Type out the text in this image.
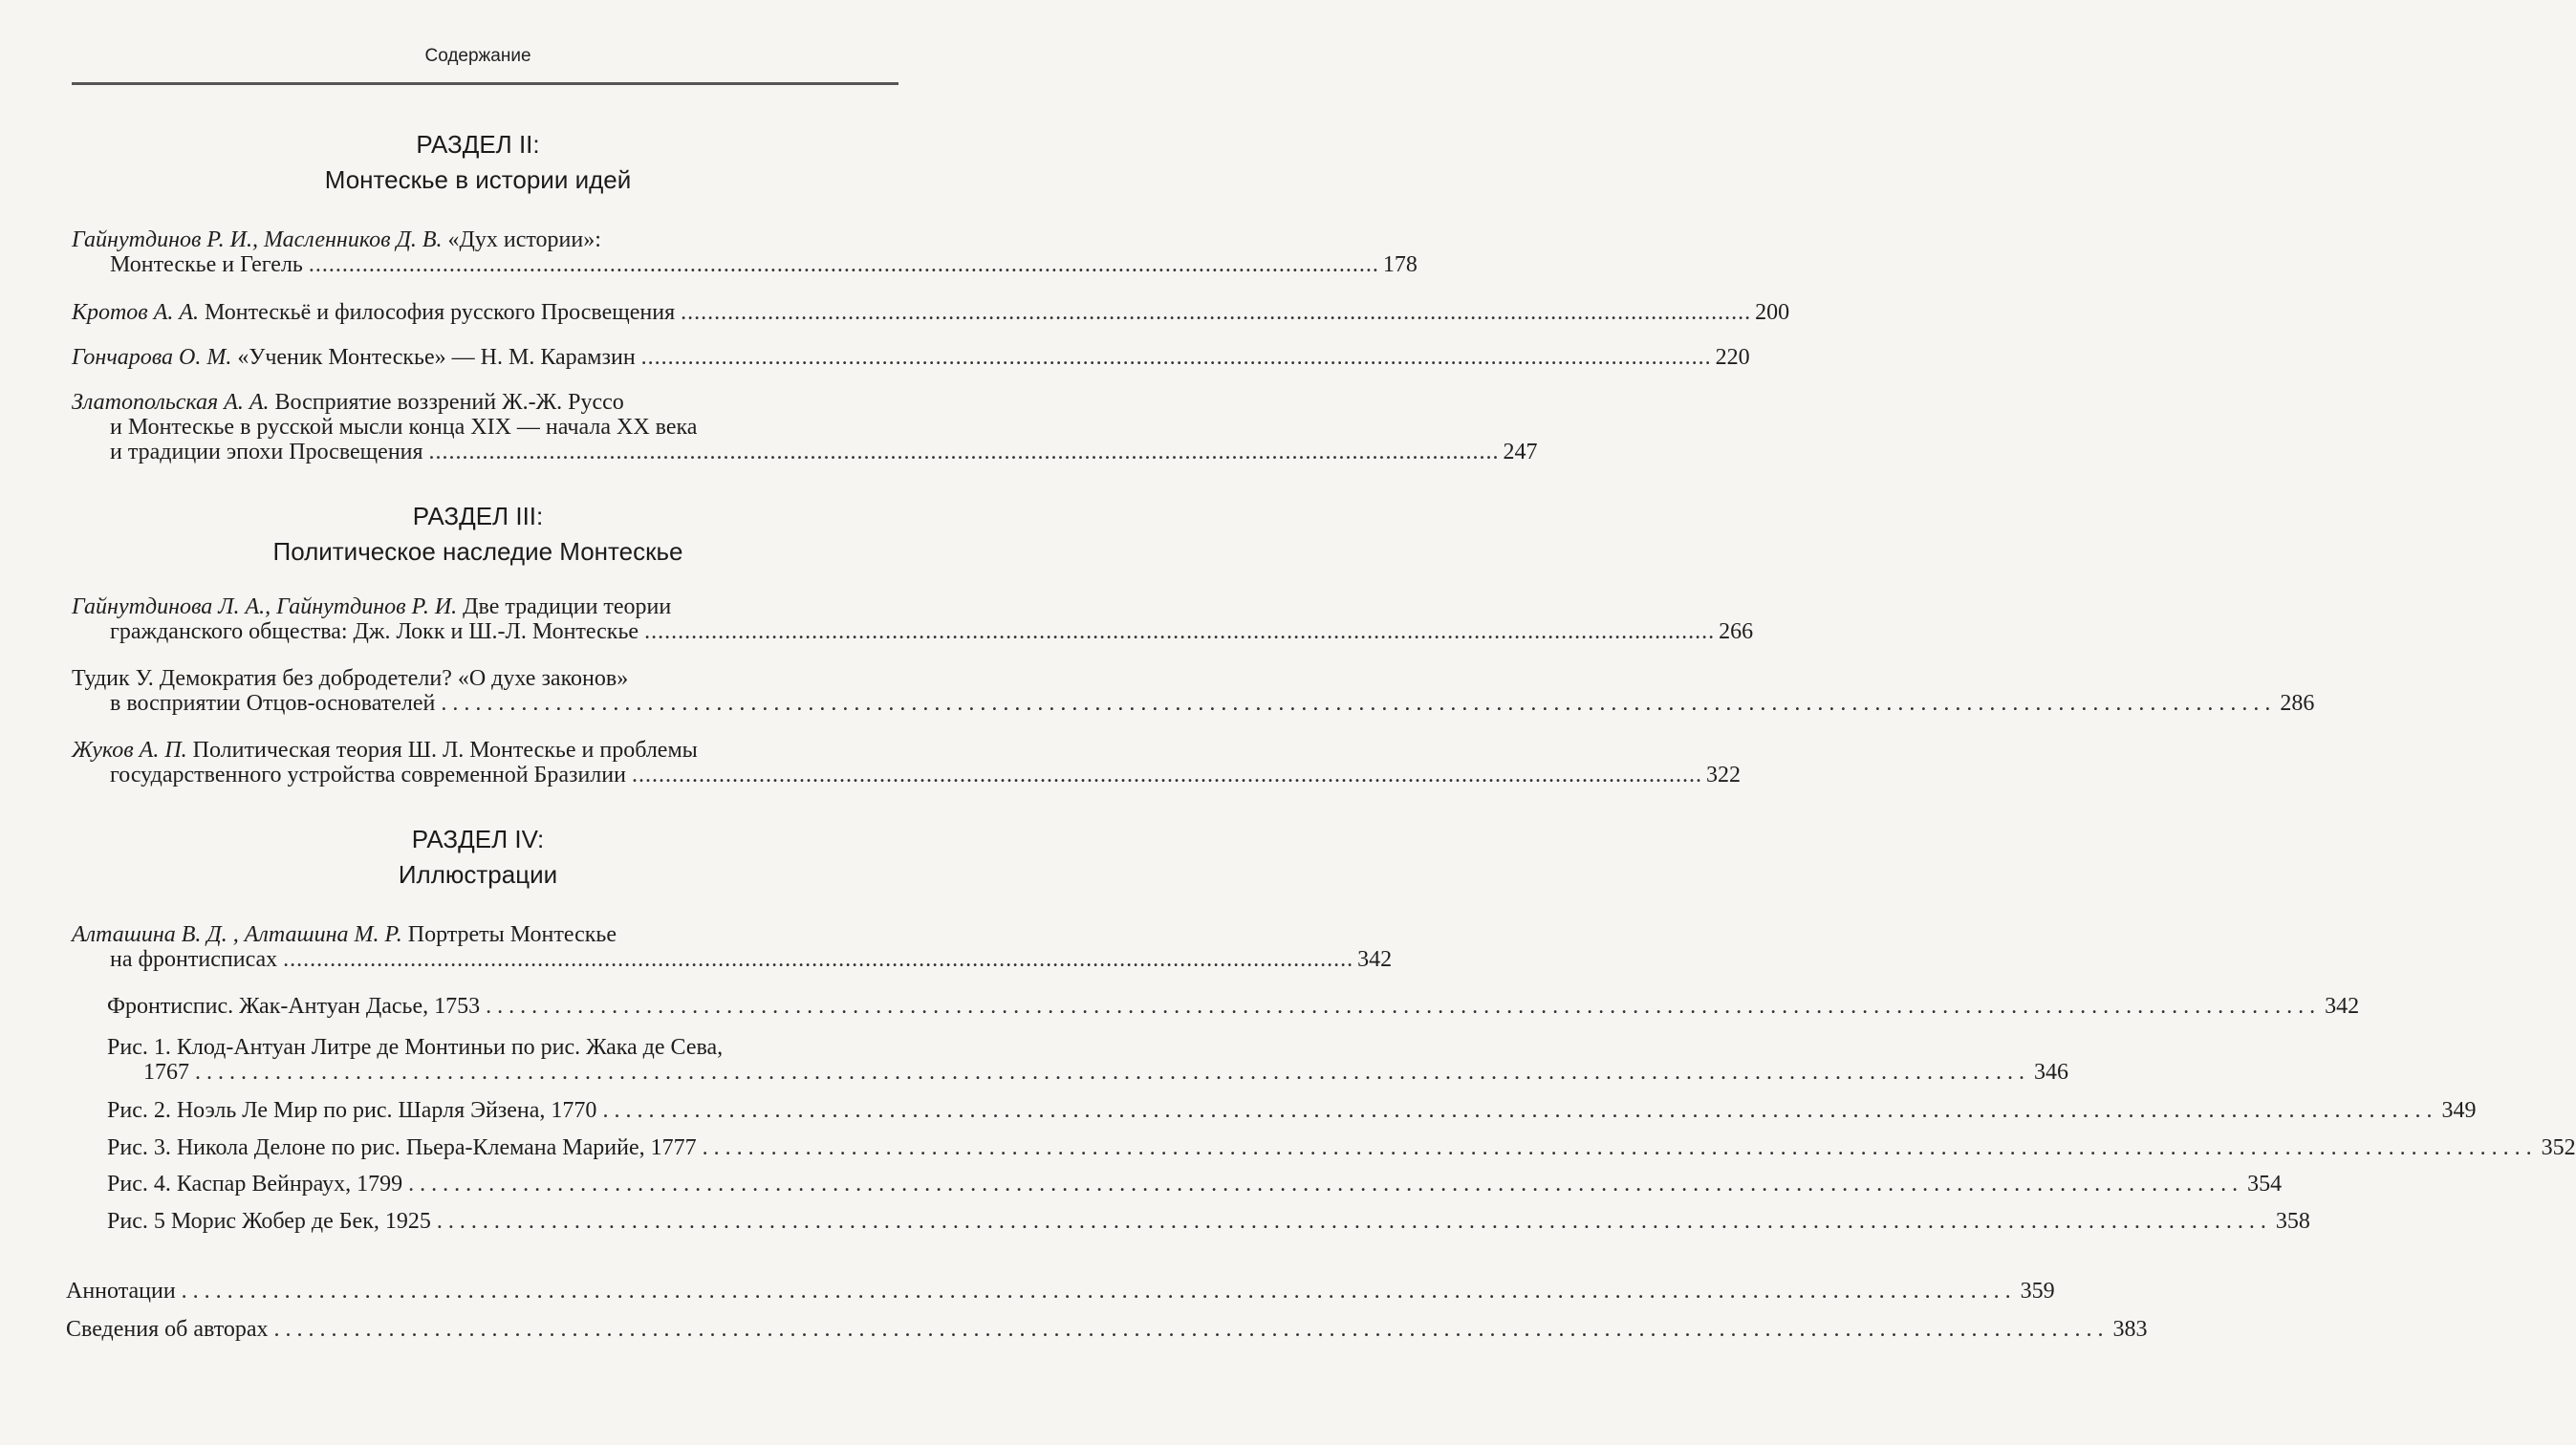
Содержание
РАЗДЕЛ II:
Монтескье в истории идей
Гайнутдинов Р. И., Масленников Д. В. «Дух истории»:
Монтескье и Гегель ................................................................................................................................................................ 178
Кротов А. А. Монтескьё и философия русского Просвещения ................................................................................................................................................................ 200
Гончарова О. М. «Ученик Монтескье» — Н. М. Карамзин ................................................................................................................................................................ 220
Златопольская А. А. Восприятие воззрений Ж.-Ж. Руссо
и Монтескье в русской мысли конца XIX — начала XX века
и традиции эпохи Просвещения ................................................................................................................................................................ 247
РАЗДЕЛ III:
Политическое наследие Монтескье
Гайнутдинова Л. А., Гайнутдинов Р. И. Две традиции теории
гражданского общества: Дж. Локк и Ш.-Л. Монтескье ................................................................................................................................................................ 266
Тудик У. Демократия без добродетели? «О духе законов»
в восприятии Отцов-основателей ................................................................................................................................................................ 286
Жуков А. П. Политическая теория Ш. Л. Монтескье и проблемы
государственного устройства современной Бразилии ................................................................................................................................................................ 322
РАЗДЕЛ IV:
Иллюстрации
Алташина В. Д. , Алташина М. Р. Портреты Монтескье
на фронтисписах ................................................................................................................................................................ 342
Фронтиспис. Жак-Антуан Дасье, 1753 ................................................................................................................................................................ 342
Рис. 1. Клод-Антуан Литре де Монтиньи по рис. Жака де Сева,
1767 ................................................................................................................................................................ 346
Рис. 2. Ноэль Ле Мир по рис. Шарля Эйзена, 1770 ................................................................................................................................................................ 349
Рис. 3. Никола Делоне по рис. Пьера-Клемана Марийе, 1777 ................................................................................................................................................................ 352
Рис. 4. Каспар Вейнраух, 1799 ................................................................................................................................................................ 354
Рис. 5 Морис Жобер де Бек, 1925 ................................................................................................................................................................ 358
Аннотации ................................................................................................................................................................ 359
Сведения об авторах ................................................................................................................................................................ 383
